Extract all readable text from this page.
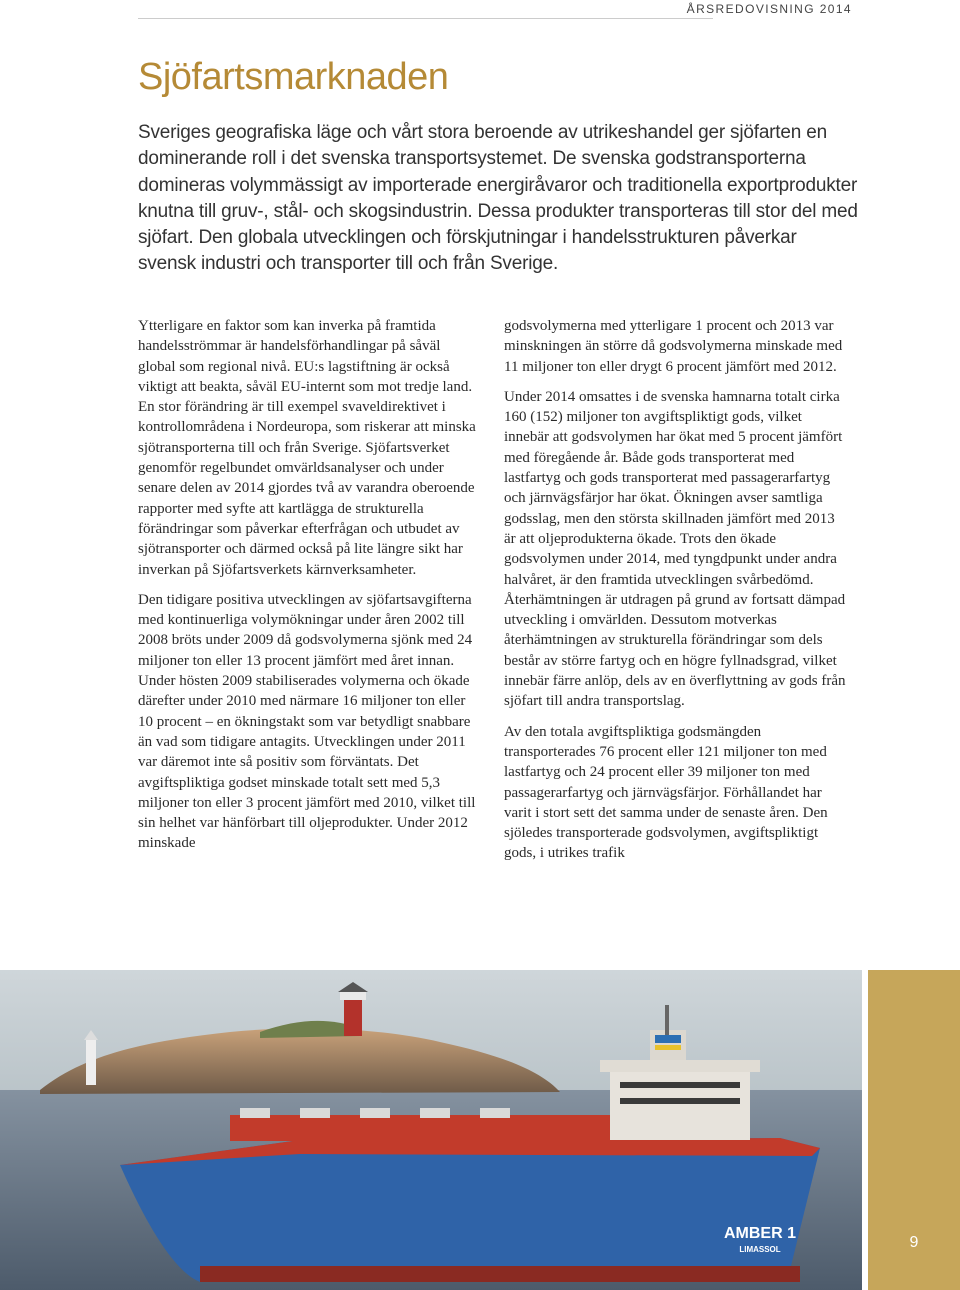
ÅRSREDOVISNING 2014
Sjöfartsmarknaden

Sveriges geografiska läge och vårt stora beroende av utrikeshandel ger sjöfarten en dominerande roll i det svenska transportsystemet. De svenska godstransporterna domineras volymmässigt av importerade energiråvaror och traditionella exportprodukter knutna till gruv-, stål- och skogsindustrin. Dessa produkter transporteras till stor del med sjöfart. Den globala utvecklingen och förskjutningar i handelsstrukturen påverkar svensk industri och transporter till och från Sverige.

Ytterligare en faktor som kan inverka på framtida handelsströmmar är handelsförhandlingar på såväl global som regional nivå. EU:s lagstiftning är också viktigt att beakta, såväl EU-internt som mot tredje land. En stor förändring är till exempel svaveldirektivet i kontrollområdena i Nordeuropa, som riskerar att minska sjötransporterna till och från Sverige. Sjöfartsverket genomför regelbundet omvärldsanalyser och under senare delen av 2014 gjordes två av varandra oberoende rapporter med syfte att kartlägga de strukturella förändringar som påverkar efterfrågan och utbudet av sjötransporter och därmed också på lite längre sikt har inverkan på Sjöfartsverkets kärnverksamheter.

Den tidigare positiva utvecklingen av sjöfartsavgifterna med kontinuerliga volymökningar under åren 2002 till 2008 bröts under 2009 då godsvolymerna sjönk med 24 miljoner ton eller 13 procent jämfört med året innan. Under hösten 2009 stabiliserades volymerna och ökade därefter under 2010 med närmare 16 miljoner ton eller 10 procent – en ökningstakt som var betydligt snabbare än vad som tidigare antagits. Utvecklingen under 2011 var däremot inte så positiv som förväntats. Det avgiftspliktiga godset minskade totalt sett med 5,3 miljoner ton eller 3 procent jämfört med 2010, vilket till sin helhet var hänförbart till oljeprodukter. Under 2012 minskade

godsvolymerna med ytterligare 1 procent och 2013 var minskningen än större då godsvolymerna minskade med 11 miljoner ton eller drygt 6 procent jämfört med 2012.

Under 2014 omsattes i de svenska hamnarna totalt cirka 160 (152) miljoner ton avgiftspliktigt gods, vilket innebär att godsvolymen har ökat med 5 procent jämfört med föregående år. Både gods transporterat med lastfartyg och gods transporterat med passagerarfartyg och järnvägsfärjor har ökat. Ökningen avser samtliga godsslag, men den största skillnaden jämfört med 2013 är att oljeprodukterna ökade. Trots den ökade godsvolymen under 2014, med tyngdpunkt under andra halvåret, är den framtida utvecklingen svårbedömd. Återhämtningen är utdragen på grund av fortsatt dämpad utveckling i omvärlden. Dessutom motverkas återhämtningen av strukturella förändringar som dels består av större fartyg och en högre fyllnadsgrad, vilket innebär färre anlöp, dels av en överflyttning av gods från sjöfart till andra transportslag.

Av den totala avgiftspliktiga godsmängden transporterades 76 procent eller 121 miljoner ton med lastfartyg och 24 procent eller 39 miljoner ton med passagerarfartyg och järnvägsfärjor. Förhållandet har varit i stort sett det samma under de senaste åren. Den sjöledes transporterade godsvolymen, avgiftspliktigt gods, i utrikes trafik

AMBER 1
LIMASSOL	9
